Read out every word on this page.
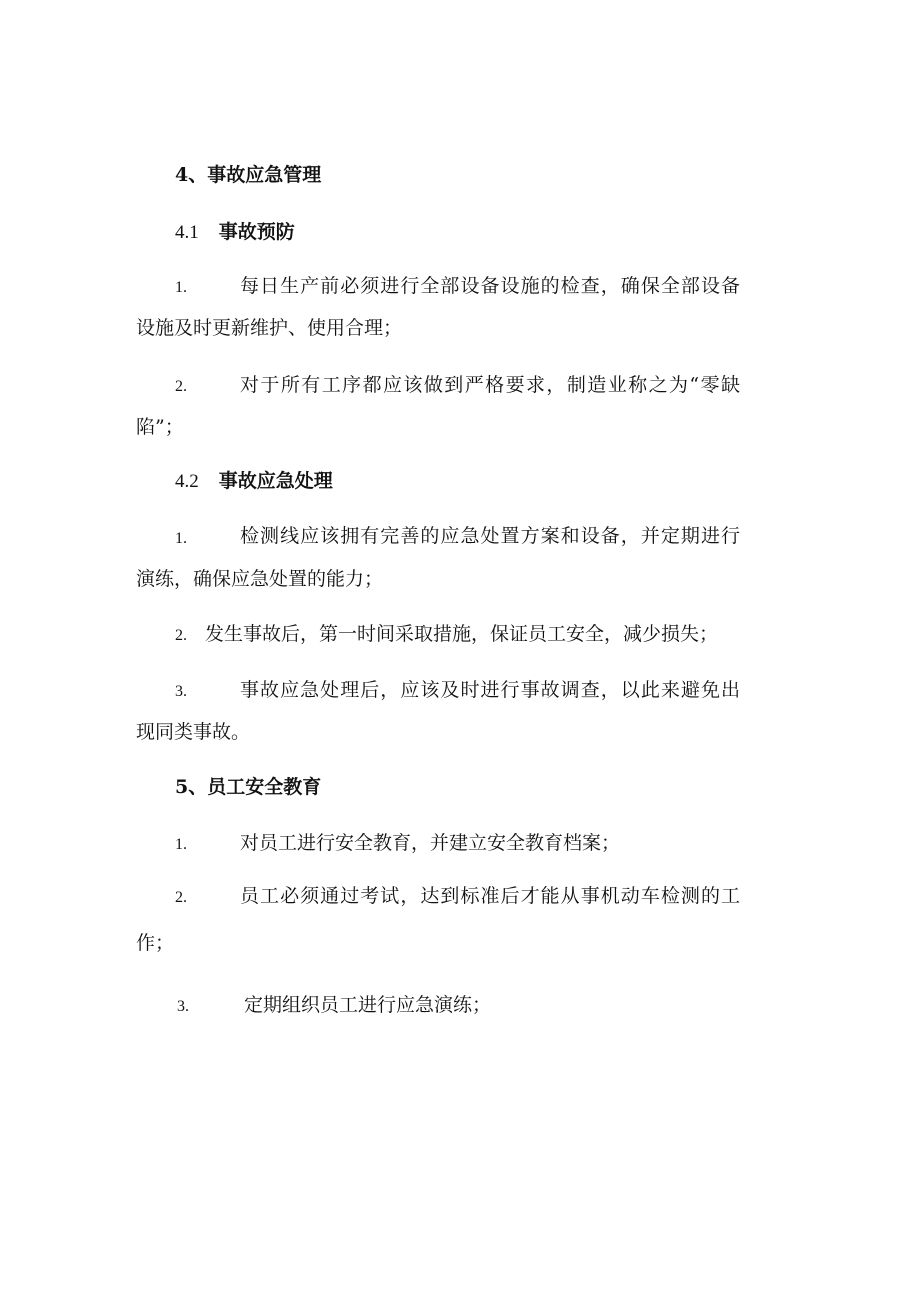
4、事故应急管理
4.1 事故预防
1.	每日生产前必须进行全部设备设施的检查，确保全部设备
设施及时更新维护、使用合理；
2.	对于所有工序都应该做到严格要求，制造业称之为“零缺
陷”；
4.2 事故应急处理
1.	检测线应该拥有完善的应急处置方案和设备，并定期进行
演练，确保应急处置的能力；
2. 发生事故后，第一时间采取措施，保证员工安全，减少损失；
3.	事故应急处理后，应该及时进行事故调查，以此来避免出
现同类事故。
5、员工安全教育
1.	对员工进行安全教育，并建立安全教育档案；
2.	员工必须通过考试，达到标准后才能从事机动车检测的工
作；
3.	定期组织员工进行应急演练；
